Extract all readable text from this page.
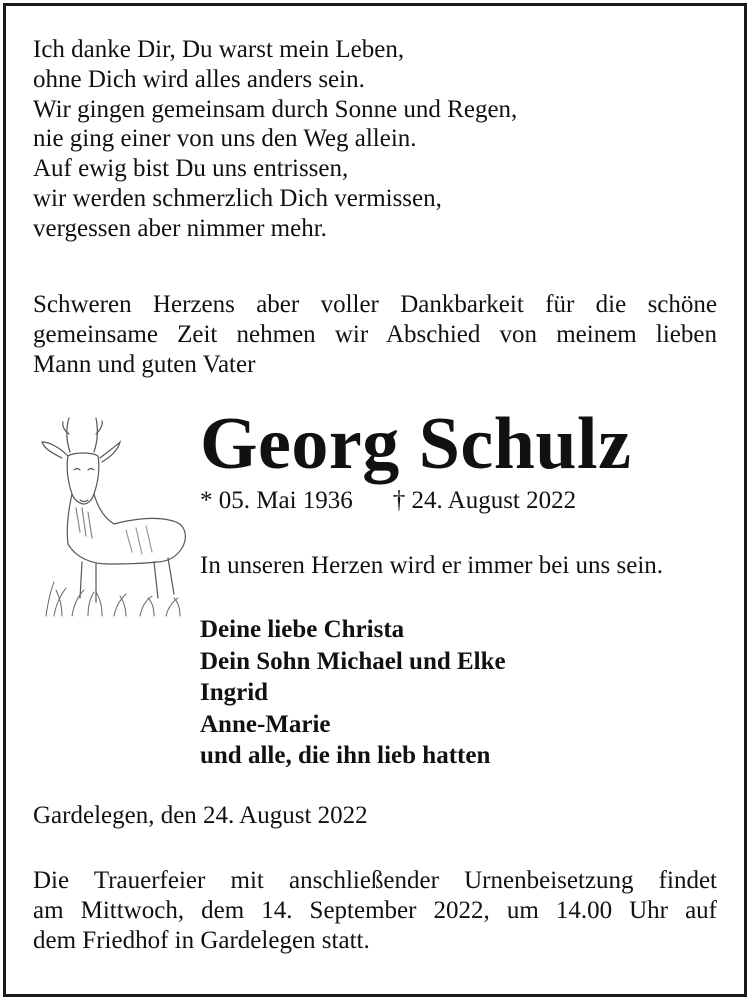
Ich danke Dir, Du warst mein Leben,
ohne Dich wird alles anders sein.
Wir gingen gemeinsam durch Sonne und Regen,
nie ging einer von uns den Weg allein.
Auf ewig bist Du uns entrissen,
wir werden schmerzlich Dich vermissen,
vergessen aber nimmer mehr.
Schweren Herzens aber voller Dankbarkeit für die schöne
gemeinsame Zeit nehmen wir Abschied von meinem lieben
Mann und guten Vater
Georg Schulz
* 05. Mai 1936 † 24. August 2022
In unseren Herzen wird er immer bei uns sein.
Deine liebe Christa
Dein Sohn Michael und Elke
Ingrid
Anne-Marie
und alle, die ihn lieb hatten
Gardelegen, den 24. August 2022
Die Trauerfeier mit anschließender Urnenbeisetzung findet
am Mittwoch, dem 14. September 2022, um 14.00 Uhr auf
dem Friedhof in Gardelegen statt.
